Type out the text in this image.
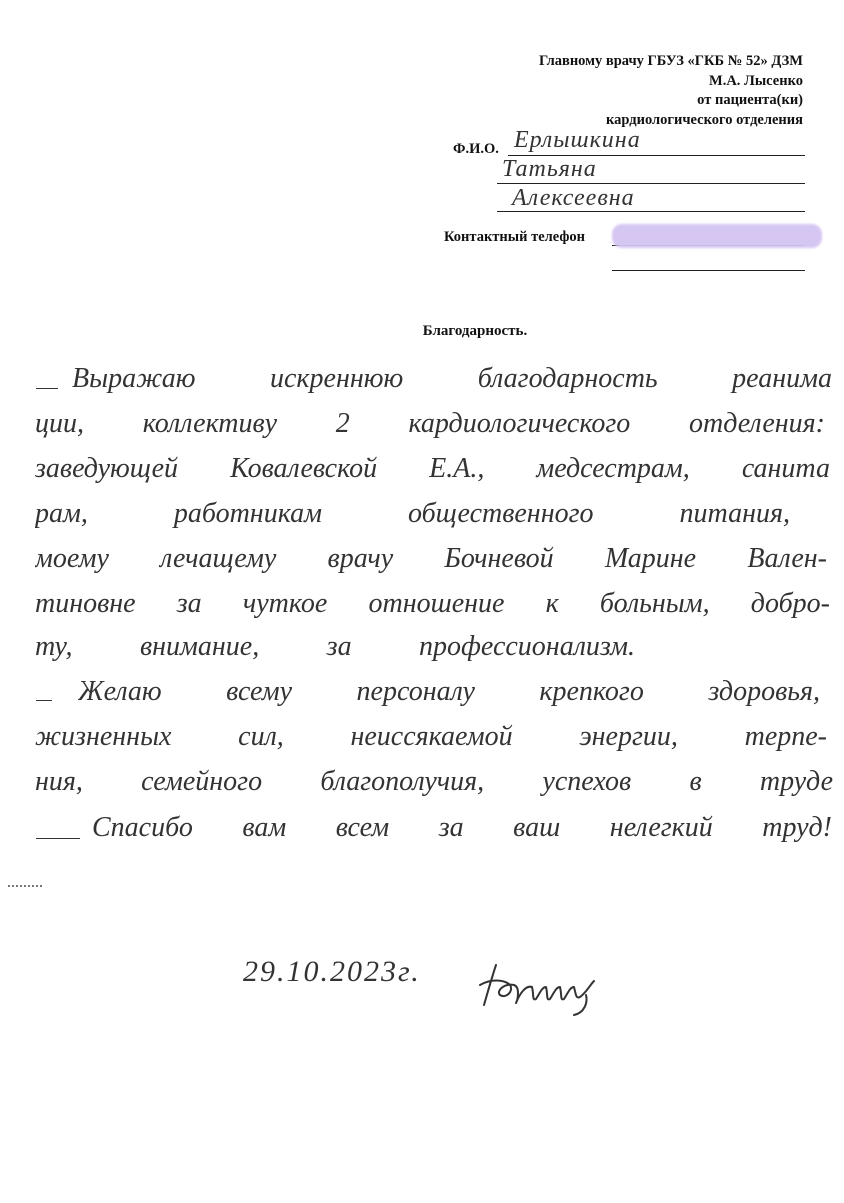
Главному врачу ГБУЗ «ГКБ № 52» ДЗМ
М.А. Лысенко
от пациента(ки)
кардиологического отделения
Ф.И.О. Ерлышкина
Татьяна
Алексеевна
Контактный телефон
Благодарность.
Выражаю искреннюю благодарность реанима
ции, коллективу 2 кардиологического отделения:
заведующей Ковалевской Е.А., медсестрам, санита
рам, работникам общественного питания,
моему лечащему врачу Бочневой Марине Вален-
тиновне за чуткое отношение к больным, добро-
ту, внимание, за профессионализм.
Желаю всему персоналу крепкого здоровья,
жизненных сил, неиссякаемой энергии, терпе-
ния, семейного благополучия, успехов в труде
Спасибо вам всем за ваш нелегкий труд!
29.10.2023г.
